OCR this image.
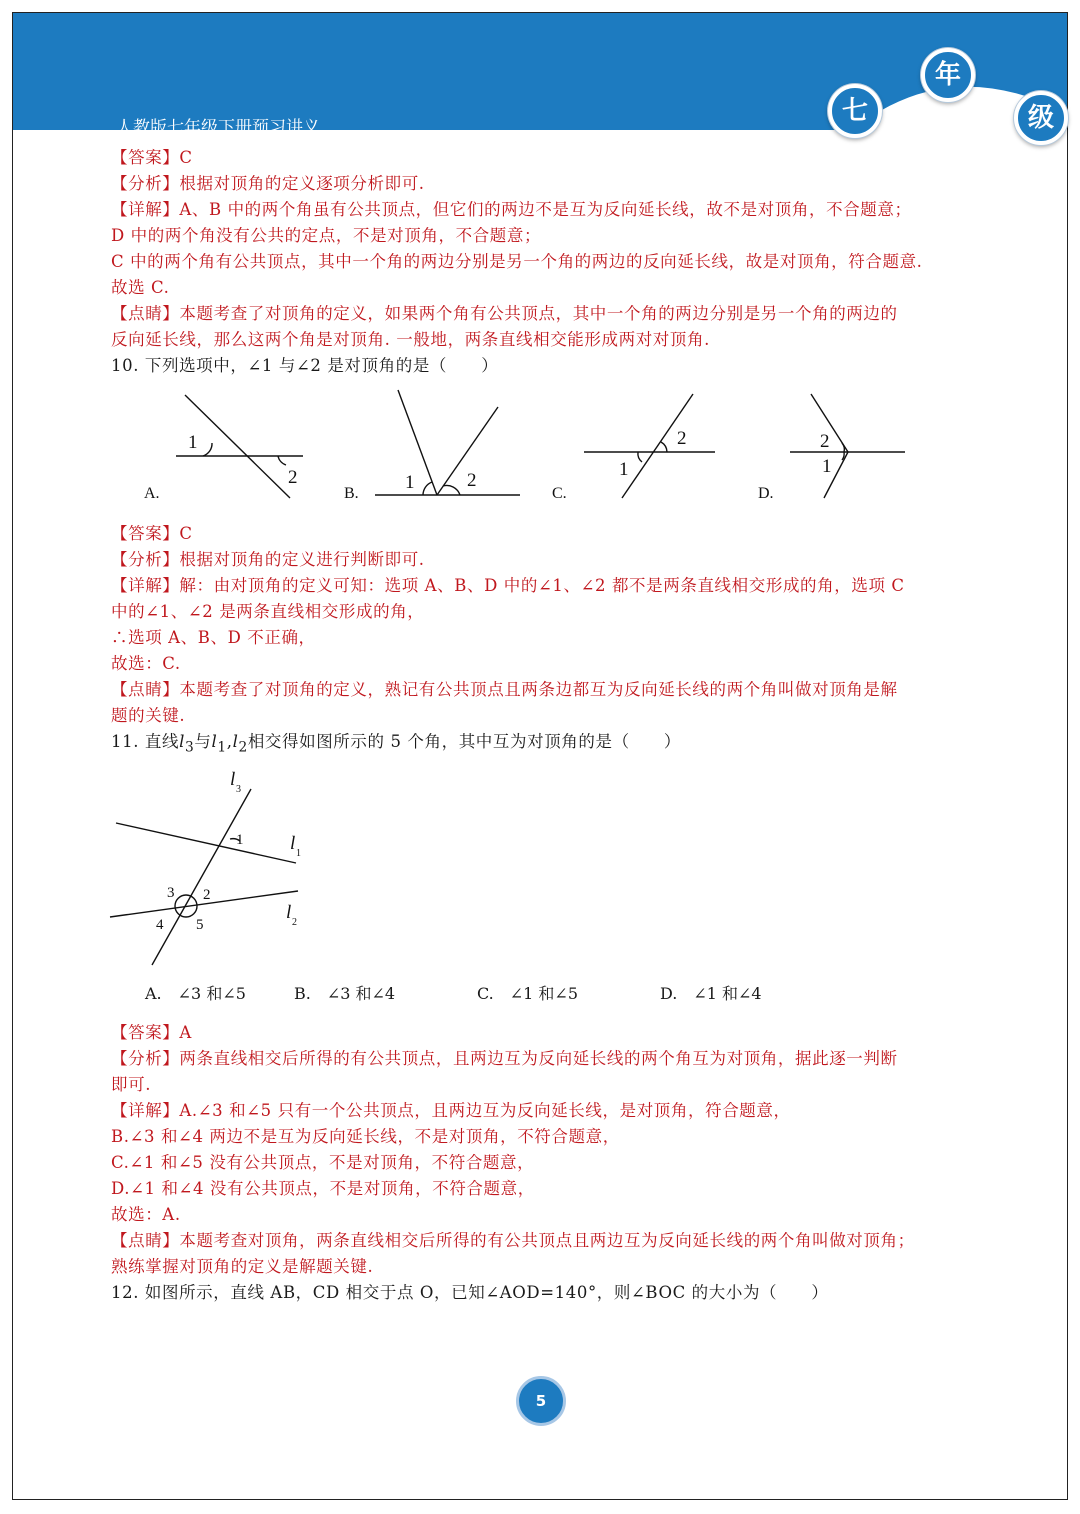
人教版七年级下册预习讲义
七
年
级
【答案】C
【分析】根据对顶角的定义逐项分析即可.
【详解】A、B 中的两个角虽有公共顶点，但它们的两边不是互为反向延长线，故不是对顶角，不合题意；
D 中的两个角没有公共的定点，不是对顶角，不合题意；
C 中的两个角有公共顶点，其中一个角的两边分别是另一个角的两边的反向延长线，故是对顶角，符合题意.
故选 C.
【点睛】本题考查了对顶角的定义，如果两个角有公共顶点，其中一个角的两边分别是另一个角的两边的
反向延长线，那么这两个角是对顶角. 一般地，两条直线相交能形成两对对顶角.
10. 下列选项中，∠1 与∠2 是对顶角的是（　　）
1
2	1	2
2
1
2
1
A.	B.	C.	D.
【答案】C
【分析】根据对顶角的定义进行判断即可.
【详解】解：由对顶角的定义可知：选项 A、B、D 中的∠1、∠2 都不是两条直线相交形成的角，选项 C
中的∠1、∠2 是两条直线相交形成的角，
∴选项 A、B、D 不正确，
故选：C.
【点睛】本题考查了对顶角的定义，熟记有公共顶点且两条边都互为反向延长线的两个角叫做对顶角是解
题的关键.
11. 直线$l_3$与$l_1,l_2$相交得如图所示的 5 个角，其中互为对顶角的是（　　）
l 3
l 1
l 2
1
2
3
4 5
A.　∠3 和∠5	B.　∠3 和∠4	C.　∠1 和∠5	D.　∠1 和∠4
【答案】A
【分析】两条直线相交后所得的有公共顶点，且两边互为反向延长线的两个角互为对顶角，据此逐一判断
即可.
【详解】A.∠3 和∠5 只有一个公共顶点，且两边互为反向延长线，是对顶角，符合题意，
B.∠3 和∠4 两边不是互为反向延长线，不是对顶角，不符合题意，
C.∠1 和∠5 没有公共顶点，不是对顶角，不符合题意，
D.∠1 和∠4 没有公共顶点，不是对顶角，不符合题意，
故选：A.
【点睛】本题考查对顶角，两条直线相交后所得的有公共顶点且两边互为反向延长线的两个角叫做对顶角；
熟练掌握对顶角的定义是解题关键.
12. 如图所示，直线 AB，CD 相交于点 O，已知∠AOD=140°，则∠BOC 的大小为（　　）
5
